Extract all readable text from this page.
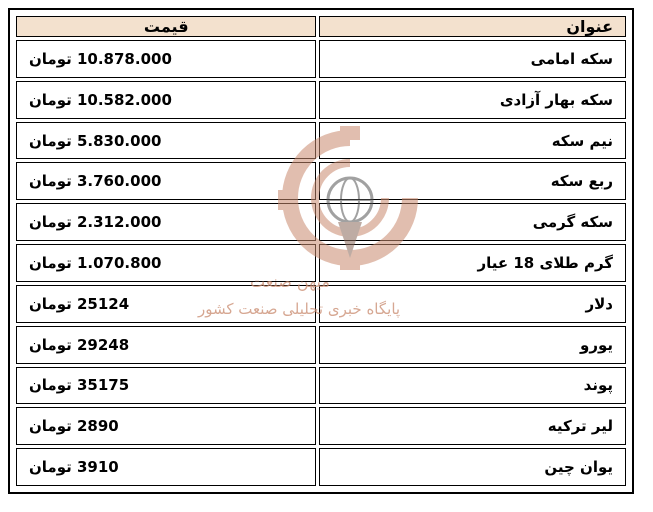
عنوان	قیمت
سکه امامی	10.878.000 تومان
سکه بهار آزادی	10.582.000 تومان
نیم سکه	5.830.000 تومان
ربع سکه	3.760.000 تومان
سکه گرمی	2.312.000 تومان
گرم طلای 18 عیار	1.070.800 تومان
دلار	25124 تومان
یورو	29248 تومان
پوند	35175 تومان
لیر ترکیه	2890 تومان
یوان چین	3910 تومان
میهن صنعت
پایگاه خبری تحلیلی صنعت کشور
